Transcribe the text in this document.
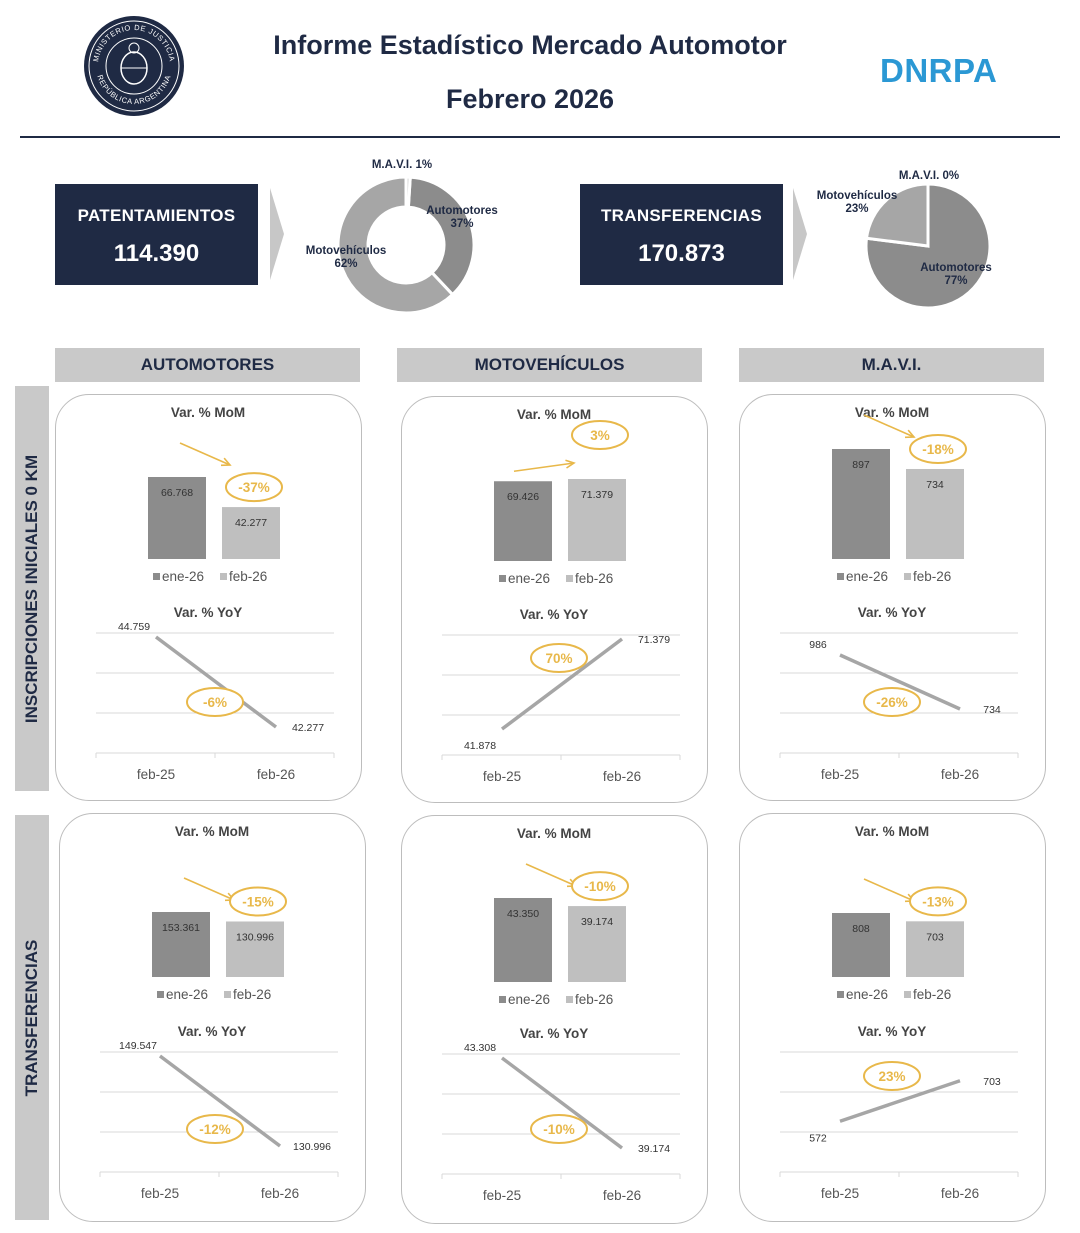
MINISTERIO DE JUSTICIA
REPÚBLICA ARGENTINA
Informe Estadístico Mercado Automotor
Febrero 2026
DNRPA
PATENTAMIENTOS
114.390
TRANSFERENCIAS
170.873
Automotores
37%
Motovehículos
62%
M.A.V.I. 1%
Automotores
77%
Motovehículos
23%
M.A.V.I. 0%
AUTOMOTORES	MOTOVEHÍCULOS	M.A.V.I.
INSCRIPCIONES INICIALES 0 KM
TRANSFERENCIAS
Var. % MoM
66.768
42.277
-37%
ene-26 feb-26
Var. % YoY
44.759
42.277
-6%
feb-25	feb-26
Var. % MoM
69.426	71.379
3%
ene-26 feb-26
Var. % YoY
41.878
71.379
70%
feb-25	feb-26
Var. % MoM
897
734
-18%
ene-26 feb-26
Var. % YoY
986
734
-26%
feb-25	feb-26
Var. % MoM
153.361
130.996
-15%
ene-26 feb-26
Var. % YoY
149.547
130.996
-12%
feb-25	feb-26
Var. % MoM
43.350
39.174
-10%
ene-26 feb-26
Var. % YoY
43.308
39.174
-10%
feb-25	feb-26
Var. % MoM
808
703
-13%
ene-26 feb-26
Var. % YoY
572
703
23%
feb-25	feb-26
